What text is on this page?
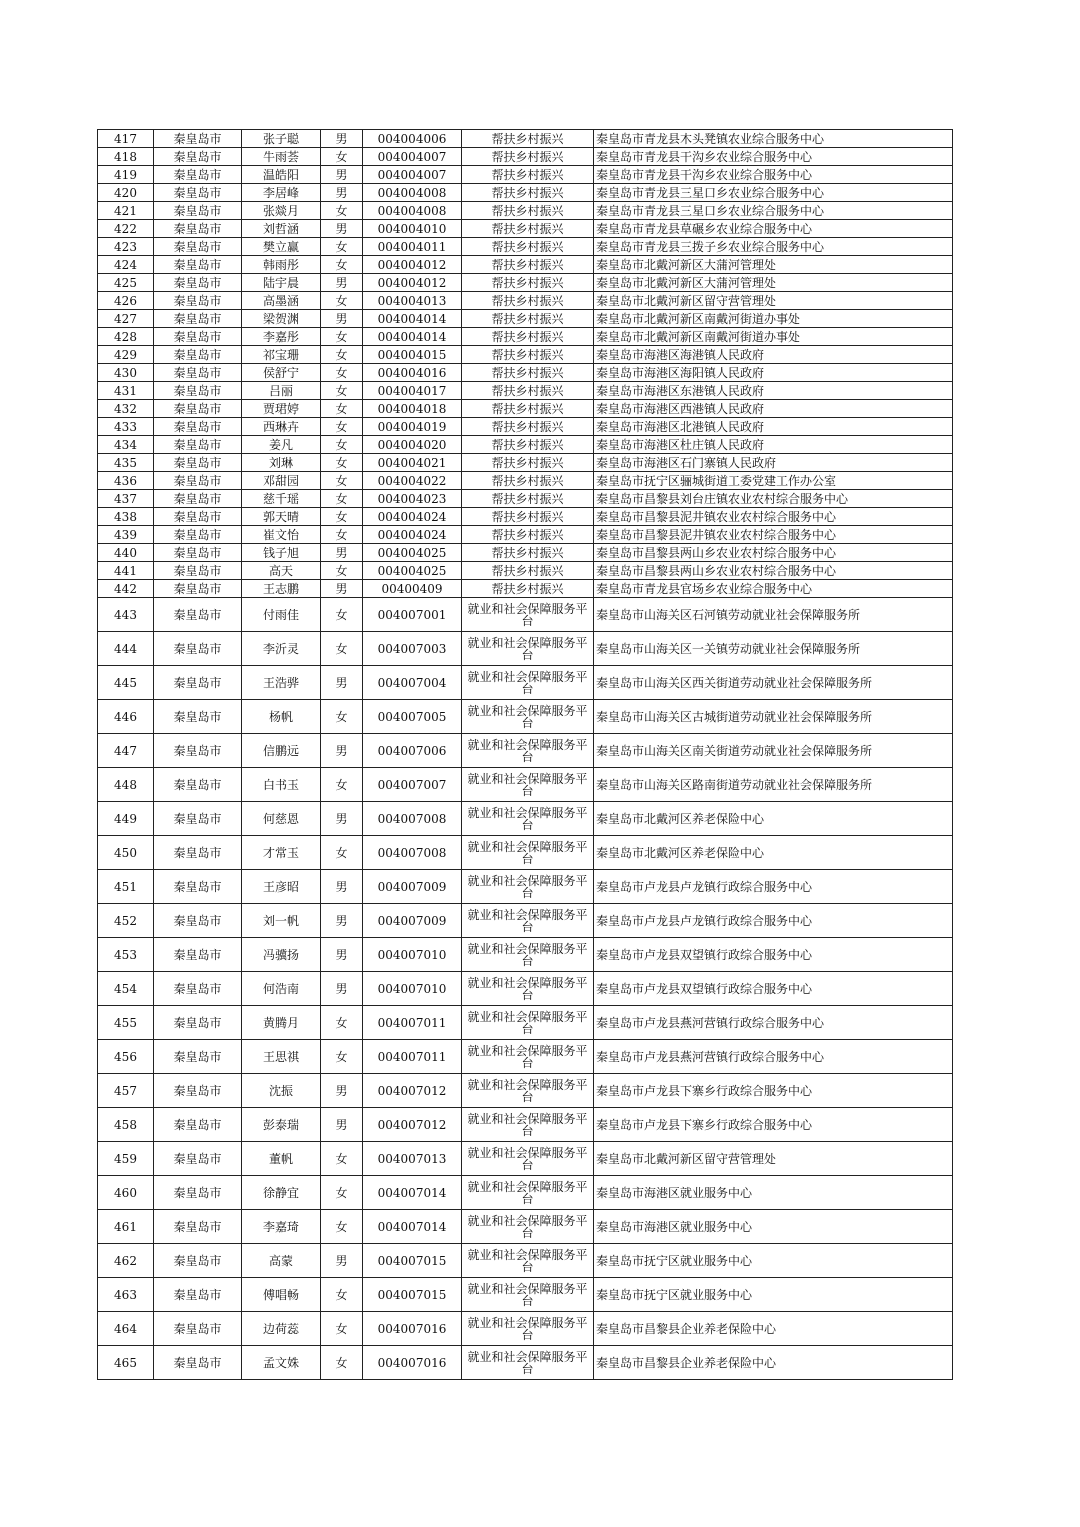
417	秦皇岛市	张子聪	男	004004006	帮扶乡村振兴	秦皇岛市青龙县木头凳镇农业综合服务中心
418	秦皇岛市	牛雨荟	女	004004007	帮扶乡村振兴	秦皇岛市青龙县干沟乡农业综合服务中心
419	秦皇岛市	温皓阳	男	004004007	帮扶乡村振兴	秦皇岛市青龙县干沟乡农业综合服务中心
420	秦皇岛市	李居峰	男	004004008	帮扶乡村振兴	秦皇岛市青龙县三星口乡农业综合服务中心
421	秦皇岛市	张燚月	女	004004008	帮扶乡村振兴	秦皇岛市青龙县三星口乡农业综合服务中心
422	秦皇岛市	刘哲涵	男	004004010	帮扶乡村振兴	秦皇岛市青龙县草碾乡农业综合服务中心
423	秦皇岛市	樊立赢	女	004004011	帮扶乡村振兴	秦皇岛市青龙县三拨子乡农业综合服务中心
424	秦皇岛市	韩雨彤	女	004004012	帮扶乡村振兴	秦皇岛市北戴河新区大蒲河管理处
425	秦皇岛市	陆宇晨	男	004004012	帮扶乡村振兴	秦皇岛市北戴河新区大蒲河管理处
426	秦皇岛市	高墨涵	女	004004013	帮扶乡村振兴	秦皇岛市北戴河新区留守营管理处
427	秦皇岛市	梁贺渊	男	004004014	帮扶乡村振兴	秦皇岛市北戴河新区南戴河街道办事处
428	秦皇岛市	李嘉彤	女	004004014	帮扶乡村振兴	秦皇岛市北戴河新区南戴河街道办事处
429	秦皇岛市	祁宝珊	女	004004015	帮扶乡村振兴	秦皇岛市海港区海港镇人民政府
430	秦皇岛市	侯舒宁	女	004004016	帮扶乡村振兴	秦皇岛市海港区海阳镇人民政府
431	秦皇岛市	吕丽	女	004004017	帮扶乡村振兴	秦皇岛市海港区东港镇人民政府
432	秦皇岛市	贾珺婷	女	004004018	帮扶乡村振兴	秦皇岛市海港区西港镇人民政府
433	秦皇岛市	西琳卉	女	004004019	帮扶乡村振兴	秦皇岛市海港区北港镇人民政府
434	秦皇岛市	姜凡	女	004004020	帮扶乡村振兴	秦皇岛市海港区杜庄镇人民政府
435	秦皇岛市	刘琳	女	004004021	帮扶乡村振兴	秦皇岛市海港区石门寨镇人民政府
436	秦皇岛市	邓甜园	女	004004022	帮扶乡村振兴	秦皇岛市抚宁区骊城街道工委党建工作办公室
437	秦皇岛市	慈千瑶	女	004004023	帮扶乡村振兴	秦皇岛市昌黎县刘台庄镇农业农村综合服务中心
438	秦皇岛市	郭天晴	女	004004024	帮扶乡村振兴	秦皇岛市昌黎县泥井镇农业农村综合服务中心
439	秦皇岛市	崔文怡	女	004004024	帮扶乡村振兴	秦皇岛市昌黎县泥井镇农业农村综合服务中心
440	秦皇岛市	钱子旭	男	004004025	帮扶乡村振兴	秦皇岛市昌黎县两山乡农业农村综合服务中心
441	秦皇岛市	高天	女	004004025	帮扶乡村振兴	秦皇岛市昌黎县两山乡农业农村综合服务中心
442	秦皇岛市	王志鹏	男	00400409	帮扶乡村振兴	秦皇岛市青龙县官场乡农业综合服务中心
443	秦皇岛市	付雨佳	女	004007001	就业和社会保障服务平台	秦皇岛市山海关区石河镇劳动就业社会保障服务所
444	秦皇岛市	李沂灵	女	004007003	就业和社会保障服务平台	秦皇岛市山海关区一关镇劳动就业社会保障服务所
445	秦皇岛市	王浩骅	男	004007004	就业和社会保障服务平台	秦皇岛市山海关区西关街道劳动就业社会保障服务所
446	秦皇岛市	杨帆	女	004007005	就业和社会保障服务平台	秦皇岛市山海关区古城街道劳动就业社会保障服务所
447	秦皇岛市	信鹏远	男	004007006	就业和社会保障服务平台	秦皇岛市山海关区南关街道劳动就业社会保障服务所
448	秦皇岛市	白书玉	女	004007007	就业和社会保障服务平台	秦皇岛市山海关区路南街道劳动就业社会保障服务所
449	秦皇岛市	何慈恩	男	004007008	就业和社会保障服务平台	秦皇岛市北戴河区养老保险中心
450	秦皇岛市	才常玉	女	004007008	就业和社会保障服务平台	秦皇岛市北戴河区养老保险中心
451	秦皇岛市	王彦昭	男	004007009	就业和社会保障服务平台	秦皇岛市卢龙县卢龙镇行政综合服务中心
452	秦皇岛市	刘一帆	男	004007009	就业和社会保障服务平台	秦皇岛市卢龙县卢龙镇行政综合服务中心
453	秦皇岛市	冯骥扬	男	004007010	就业和社会保障服务平台	秦皇岛市卢龙县双望镇行政综合服务中心
454	秦皇岛市	何浩南	男	004007010	就业和社会保障服务平台	秦皇岛市卢龙县双望镇行政综合服务中心
455	秦皇岛市	黄腾月	女	004007011	就业和社会保障服务平台	秦皇岛市卢龙县燕河营镇行政综合服务中心
456	秦皇岛市	王思祺	女	004007011	就业和社会保障服务平台	秦皇岛市卢龙县燕河营镇行政综合服务中心
457	秦皇岛市	沈振	男	004007012	就业和社会保障服务平台	秦皇岛市卢龙县下寨乡行政综合服务中心
458	秦皇岛市	彭泰瑞	男	004007012	就业和社会保障服务平台	秦皇岛市卢龙县下寨乡行政综合服务中心
459	秦皇岛市	董帆	女	004007013	就业和社会保障服务平台	秦皇岛市北戴河新区留守营管理处
460	秦皇岛市	徐静宜	女	004007014	就业和社会保障服务平台	秦皇岛市海港区就业服务中心
461	秦皇岛市	李嘉琦	女	004007014	就业和社会保障服务平台	秦皇岛市海港区就业服务中心
462	秦皇岛市	高蒙	男	004007015	就业和社会保障服务平台	秦皇岛市抚宁区就业服务中心
463	秦皇岛市	傅唱畅	女	004007015	就业和社会保障服务平台	秦皇岛市抚宁区就业服务中心
464	秦皇岛市	边荷蕊	女	004007016	就业和社会保障服务平台	秦皇岛市昌黎县企业养老保险中心
465	秦皇岛市	孟文姝	女	004007016	就业和社会保障服务平台	秦皇岛市昌黎县企业养老保险中心
